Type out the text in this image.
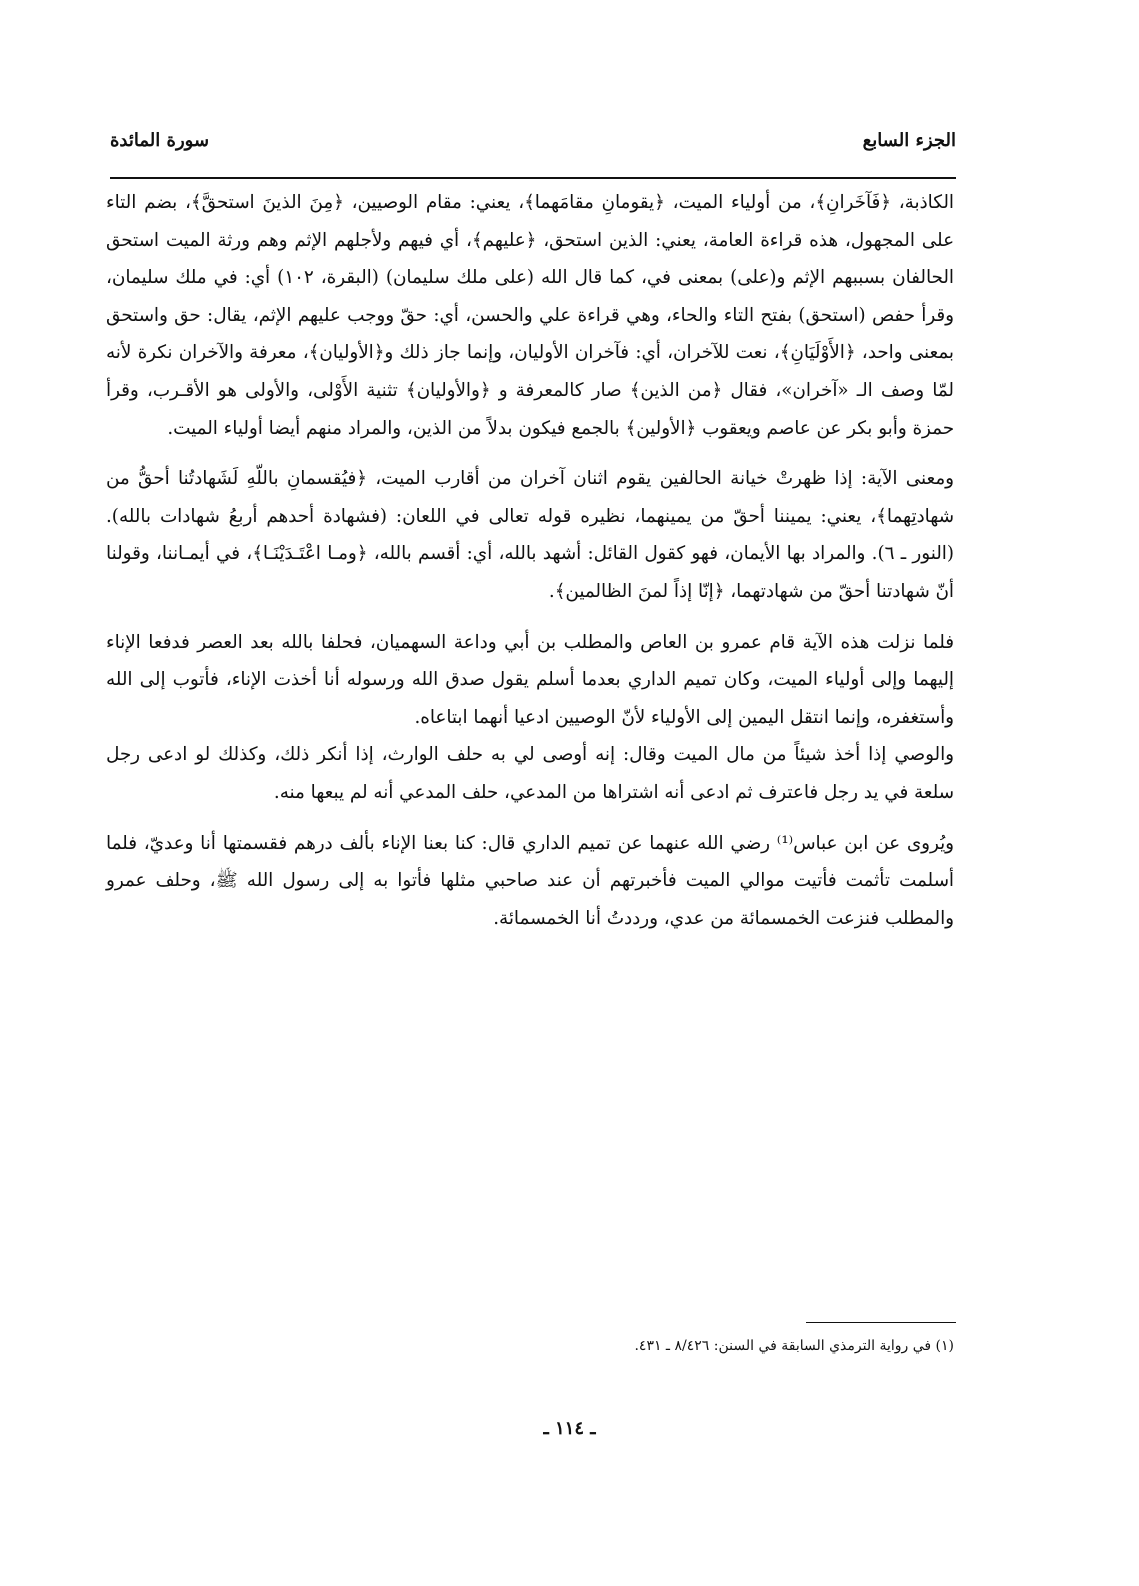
الجزء السابع
سورة المائدة

الكاذبة، ﴿فَآخَرانِ﴾، من أولياء الميت، ﴿يقومانِ مقامَهما﴾، يعني: مقام الوصيين، ﴿مِنَ الذينَ استحقَّ﴾، بضم التاء على المجهول، هذه قراءة العامة، يعني: الذين استحق، ﴿عليهم﴾، أي فيهم ولأجلهم الإثم وهم ورثة الميت استحق الحالفان بسببهم الإثم و(على) بمعنى في، كما قال الله (على ملك سليمان) (البقرة، ١٠٢) أي: في ملك سليمان، وقرأ حفص (استحق) بفتح التاء والحاء، وهي قراءة علي والحسن، أي: حقّ ووجب عليهم الإثم، يقال: حق واستحق بمعنى واحد، ﴿الأَوْلَيَانِ﴾، نعت للآخران، أي: فآخران الأوليان، وإنما جاز ذلك و﴿الأوليان﴾، معرفة والآخران نكرة لأنه لمّا وصف الـ «آخران»، فقال ﴿من الذين﴾ صار كالمعرفة و ﴿والأوليان﴾ تثنية الأَوْلى، والأولى هو الأقـرب، وقرأ حمزة وأبو بكر عن عاصم ويعقوب ﴿الأولين﴾ بالجمع فيكون بدلاً من الذين، والمراد منهم أيضا أولياء الميت.

ومعنى الآية: إذا ظهرتْ خيانة الحالفين يقوم اثنان آخران من أقارب الميت، ﴿فيُقسمانِ باللّهِ لَشَهادتُنا أحقُّ من شهادتِهما﴾، يعني: يميننا أحقّ من يمينهما، نظيره قوله تعالى في اللعان: (فشهادة أحدهم أربعُ شهادات بالله). (النور ـ ٦). والمراد بها الأيمان، فهو كقول القائل: أشهد بالله، أي: أقسم بالله، ﴿ومـا اعْتَـدَيْنَـا﴾، في أيمـاننا، وقولنا أنّ شهادتنا أحقّ من شهادتهما، ﴿إنّا إذاً لمنَ الظالمين﴾.

فلما نزلت هذه الآية قام عمرو بن العاص والمطلب بن أبي وداعة السهميان، فحلفا بالله بعد العصر فدفعا الإناء إليهما وإلى أولياء الميت، وكان تميم الداري بعدما أسلم يقول صدق الله ورسوله أنا أخذت الإناء، فأتوب إلى الله وأستغفره، وإنما انتقل اليمين إلى الأولياء لأنّ الوصيين ادعيا أنهما ابتاعاه.

والوصي إذا أخذ شيئاً من مال الميت وقال: إنه أوصى لي به حلف الوارث، إذا أنكر ذلك، وكذلك لو ادعى رجل سلعة في يد رجل فاعترف ثم ادعى أنه اشتراها من المدعي، حلف المدعي أنه لم يبعها منه.

ويُروى عن ابن عباس⁽¹⁾ رضي الله عنهما عن تميم الداري قال: كنا بعنا الإناء بألف درهم فقسمتها أنا وعديّ، فلما أسلمت تأثمت فأتيت موالي الميت فأخبرتهم أن عند صاحبي مثلها فأتوا به إلى رسول الله ﷺ، وحلف عمرو والمطلب فنزعت الخمسمائة من عدي، ورددتُ أنا الخمسمائة.

(١) في رواية الترمذي السابقة في السنن: ٨/٤٢٦ ـ ٤٣١.
ـ ١١٤ ـ
